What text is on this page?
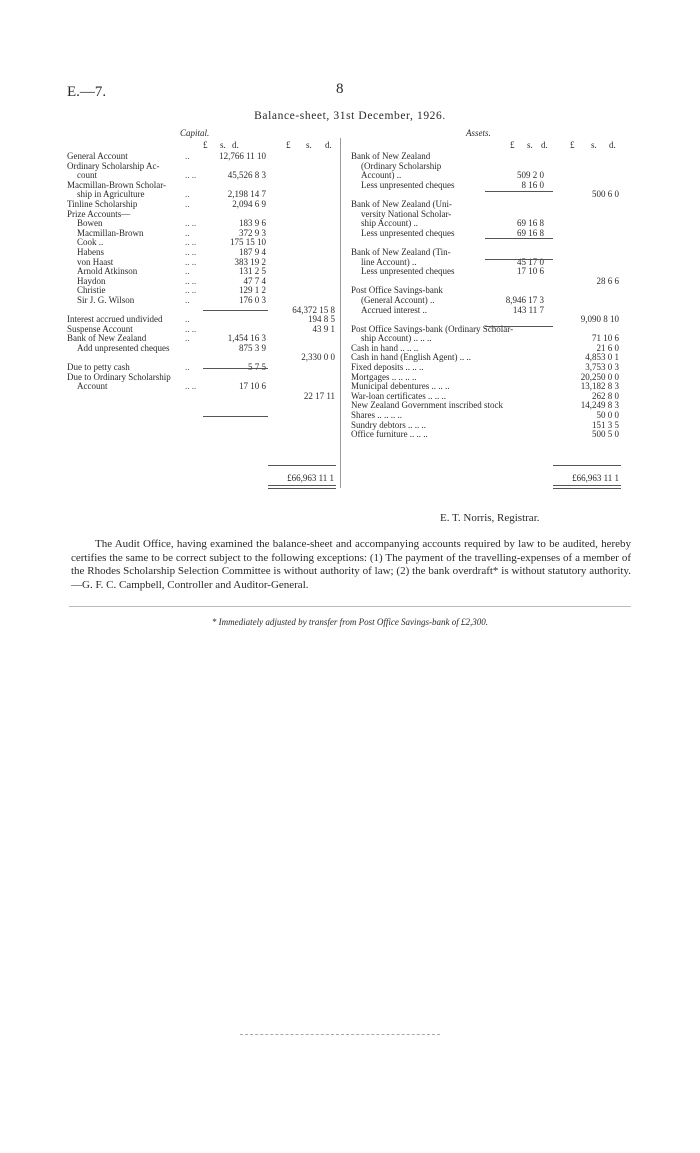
E.—7.	8
Balance-sheet, 31st December, 1926.
Capital.	Assets.
£ s. d.	£ s. d.	£ s. d. £ s. d.
General Account	..	12,766 11 10
Ordinary Scholarship Ac-
count	.. ..	45,526 8 3
Macmillan-Brown Scholar-
ship in Agriculture	..	2,198 14 7
Tinline Scholarship	..	2,094 6 9
Prize Accounts—
Bowen	.. ..	183 9 6
Macmillan-Brown	..	372 9 3
Cook ..	.. ..	175 15 10
Habens	.. ..	187 9 4
von Haast	.. ..	383 19 2
Arnold Atkinson	..	131 2 5
Haydon	.. ..	47 7 4
Christie	.. ..	129 1 2
Sir J. G. Wilson	..	176 0 3
64,372 15 8
Interest accrued undivided	..	194 8 5
Suspense Account	.. ..	43 9 1
Bank of New Zealand	..	1,454 16 3
Add unpresented cheques	875 3 9
2,330 0 0
Due to petty cash	..	5 7 5
Due to Ordinary Scholarship
Account	.. ..	17 10 6
22 17 11
Bank of New Zealand
(Ordinary Scholarship
Account) ..	509 2 0
Less unpresented cheques	8 16 0
500 6 0
Bank of New Zealand (Uni-
versity National Scholar-
ship Account) ..	69 16 8
Less unpresented cheques	69 16 8
Bank of New Zealand (Tin-
line Account) ..	45 17 0
Less unpresented cheques	17 10 6
28 6 6
Post Office Savings-bank
(General Account) ..	8,946 17 3
Accrued interest ..	143 11 7
9,090 8 10
Post Office Savings-bank (Ordinary Scholar-
ship Account) .. .. ..	71 10 6
Cash in hand .. .. ..	21 6 0
Cash in hand (English Agent) .. ..	4,853 0 1
Fixed deposits .. .. ..	3,753 0 3
Mortgages .. .. .. ..	20,250 0 0
Municipal debentures .. .. ..	13,182 8 3
War-loan certificates .. .. ..	262 8 0
New Zealand Government inscribed stock	14,249 8 3
Shares .. .. .. ..	50 0 0
Sundry debtors .. .. ..	151 3 5
Office furniture .. .. ..	500 5 0
£66,963 11 1	£66,963 11 1
E. T. Norris, Registrar.

The Audit Office, having examined the balance-sheet and accompanying accounts required by law to be audited, hereby certifies the same to be correct subject to the following exceptions: (1) The payment of the travelling-expenses of a member of the Rhodes Scholarship Selection Committee is without authority of law; (2) the bank overdraft* is without statutory authority.—G. F. C. Campbell, Controller and Auditor-General.

* Immediately adjusted by transfer from Post Office Savings-bank of £2,300.
